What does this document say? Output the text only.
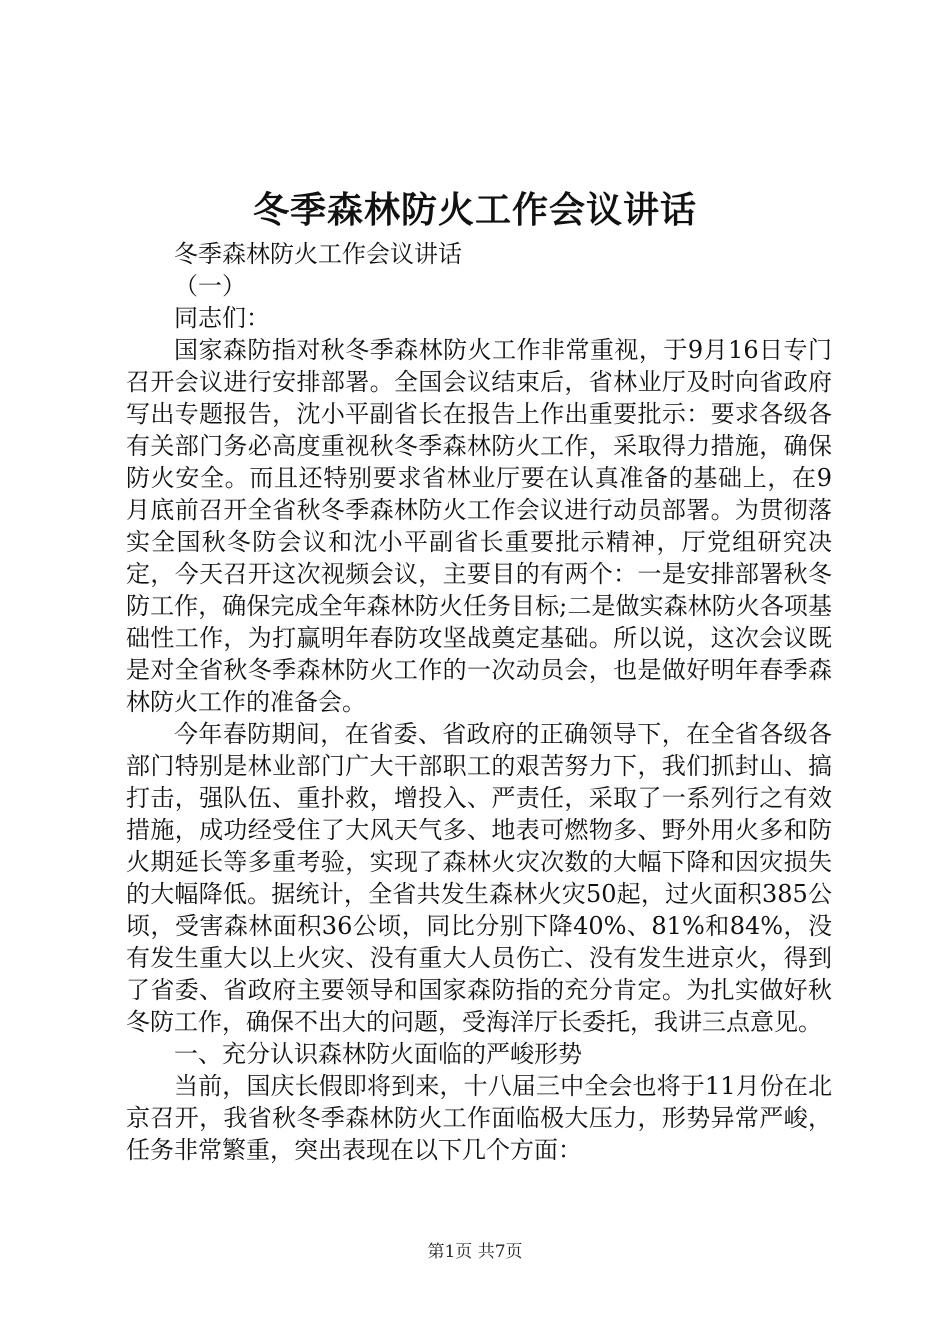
冬季森林防火工作会议讲话
冬季森林防火工作会议讲话
（一）
同志们：

国家森防指对秋冬季森林防火工作非常重视，于9月16日专门召开会议进行安排部署。全国会议结束后，省林业厅及时向省政府写出专题报告，沈小平副省长在报告上作出重要批示：要求各级各有关部门务必高度重视秋冬季森林防火工作，采取得力措施，确保防火安全。而且还特别要求省林业厅要在认真准备的基础上，在9月底前召开全省秋冬季森林防火工作会议进行动员部署。为贯彻落实全国秋冬防会议和沈小平副省长重要批示精神，厅党组研究决定，今天召开这次视频会议，主要目的有两个：一是安排部署秋冬防工作，确保完成全年森林防火任务目标;二是做实森林防火各项基础性工作，为打赢明年春防攻坚战奠定基础。所以说，这次会议既是对全省秋冬季森林防火工作的一次动员会，也是做好明年春季森林防火工作的准备会。

今年春防期间，在省委、省政府的正确领导下，在全省各级各部门特别是林业部门广大干部职工的艰苦努力下，我们抓封山、搞打击，强队伍、重扑救，增投入、严责任，采取了一系列行之有效措施，成功经受住了大风天气多、地表可燃物多、野外用火多和防火期延长等多重考验，实现了森林火灾次数的大幅下降和因灾损失的大幅降低。据统计，全省共发生森林火灾50起，过火面积385公顷，受害森林面积36公顷，同比分别下降40%、81%和84%，没有发生重大以上火灾、没有重大人员伤亡、没有发生进京火，得到了省委、省政府主要领导和国家森防指的充分肯定。为扎实做好秋冬防工作，确保不出大的问题，受海洋厅长委托，我讲三点意见。

一、充分认识森林防火面临的严峻形势

当前，国庆长假即将到来，十八届三中全会也将于11月份在北京召开，我省秋冬季森林防火工作面临极大压力，形势异常严峻，任务非常繁重，突出表现在以下几个方面：

第1页 共7页
